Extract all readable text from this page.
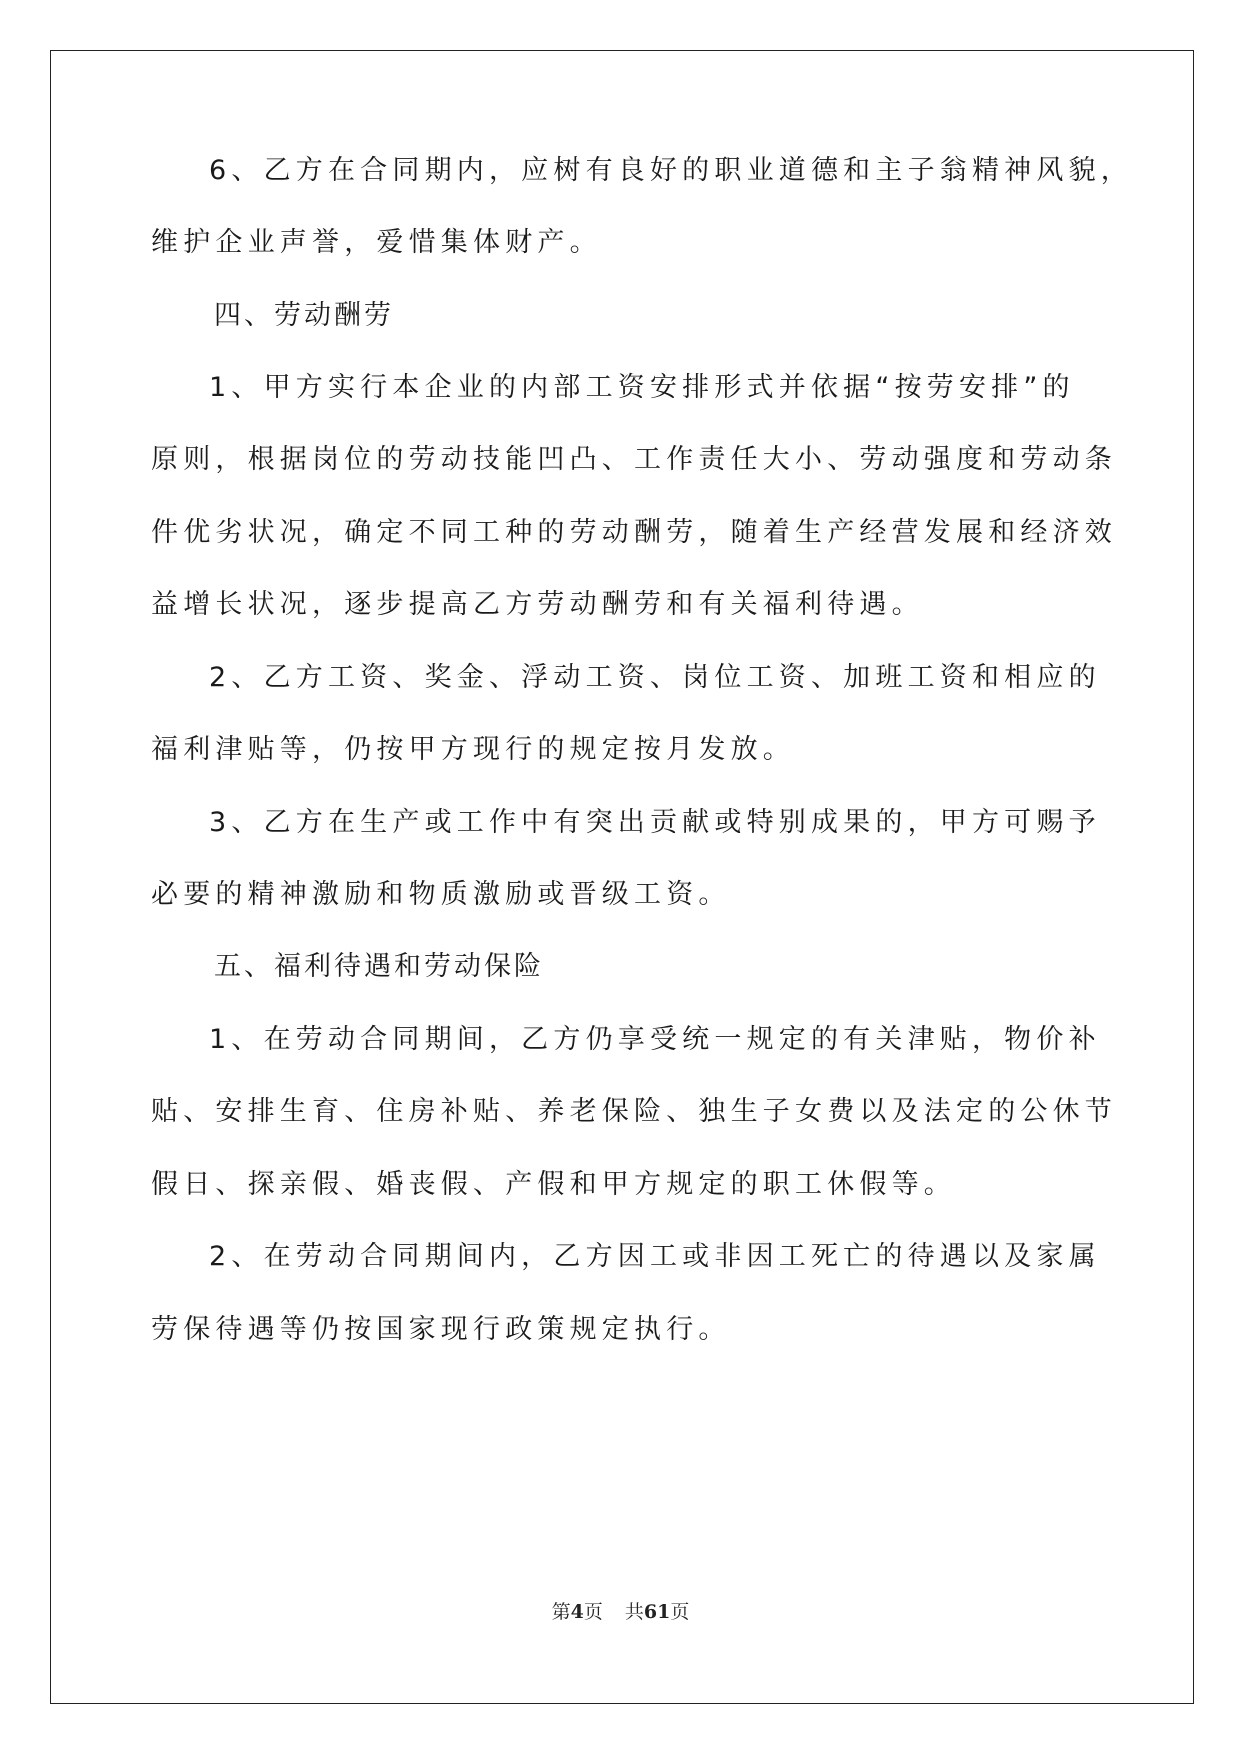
6、乙方在合同期内，应树有良好的职业道德和主子翁精神风貌，
维护企业声誉，爱惜集体财产。
四、劳动酬劳
1、甲方实行本企业的内部工资安排形式并依据“按劳安排”的
原则，根据岗位的劳动技能凹凸、工作责任大小、劳动强度和劳动条
件优劣状况，确定不同工种的劳动酬劳，随着生产经营发展和经济效
益增长状况，逐步提高乙方劳动酬劳和有关福利待遇。
2、乙方工资、奖金、浮动工资、岗位工资、加班工资和相应的
福利津贴等，仍按甲方现行的规定按月发放。
3、乙方在生产或工作中有突出贡献或特别成果的，甲方可赐予
必要的精神激励和物质激励或晋级工资。
五、福利待遇和劳动保险
1、在劳动合同期间，乙方仍享受统一规定的有关津贴，物价补
贴、安排生育、住房补贴、养老保险、独生子女费以及法定的公休节
假日、探亲假、婚丧假、产假和甲方规定的职工休假等。
2、在劳动合同期间内，乙方因工或非因工死亡的待遇以及家属
劳保待遇等仍按国家现行政策规定执行。
第4页 共61页
